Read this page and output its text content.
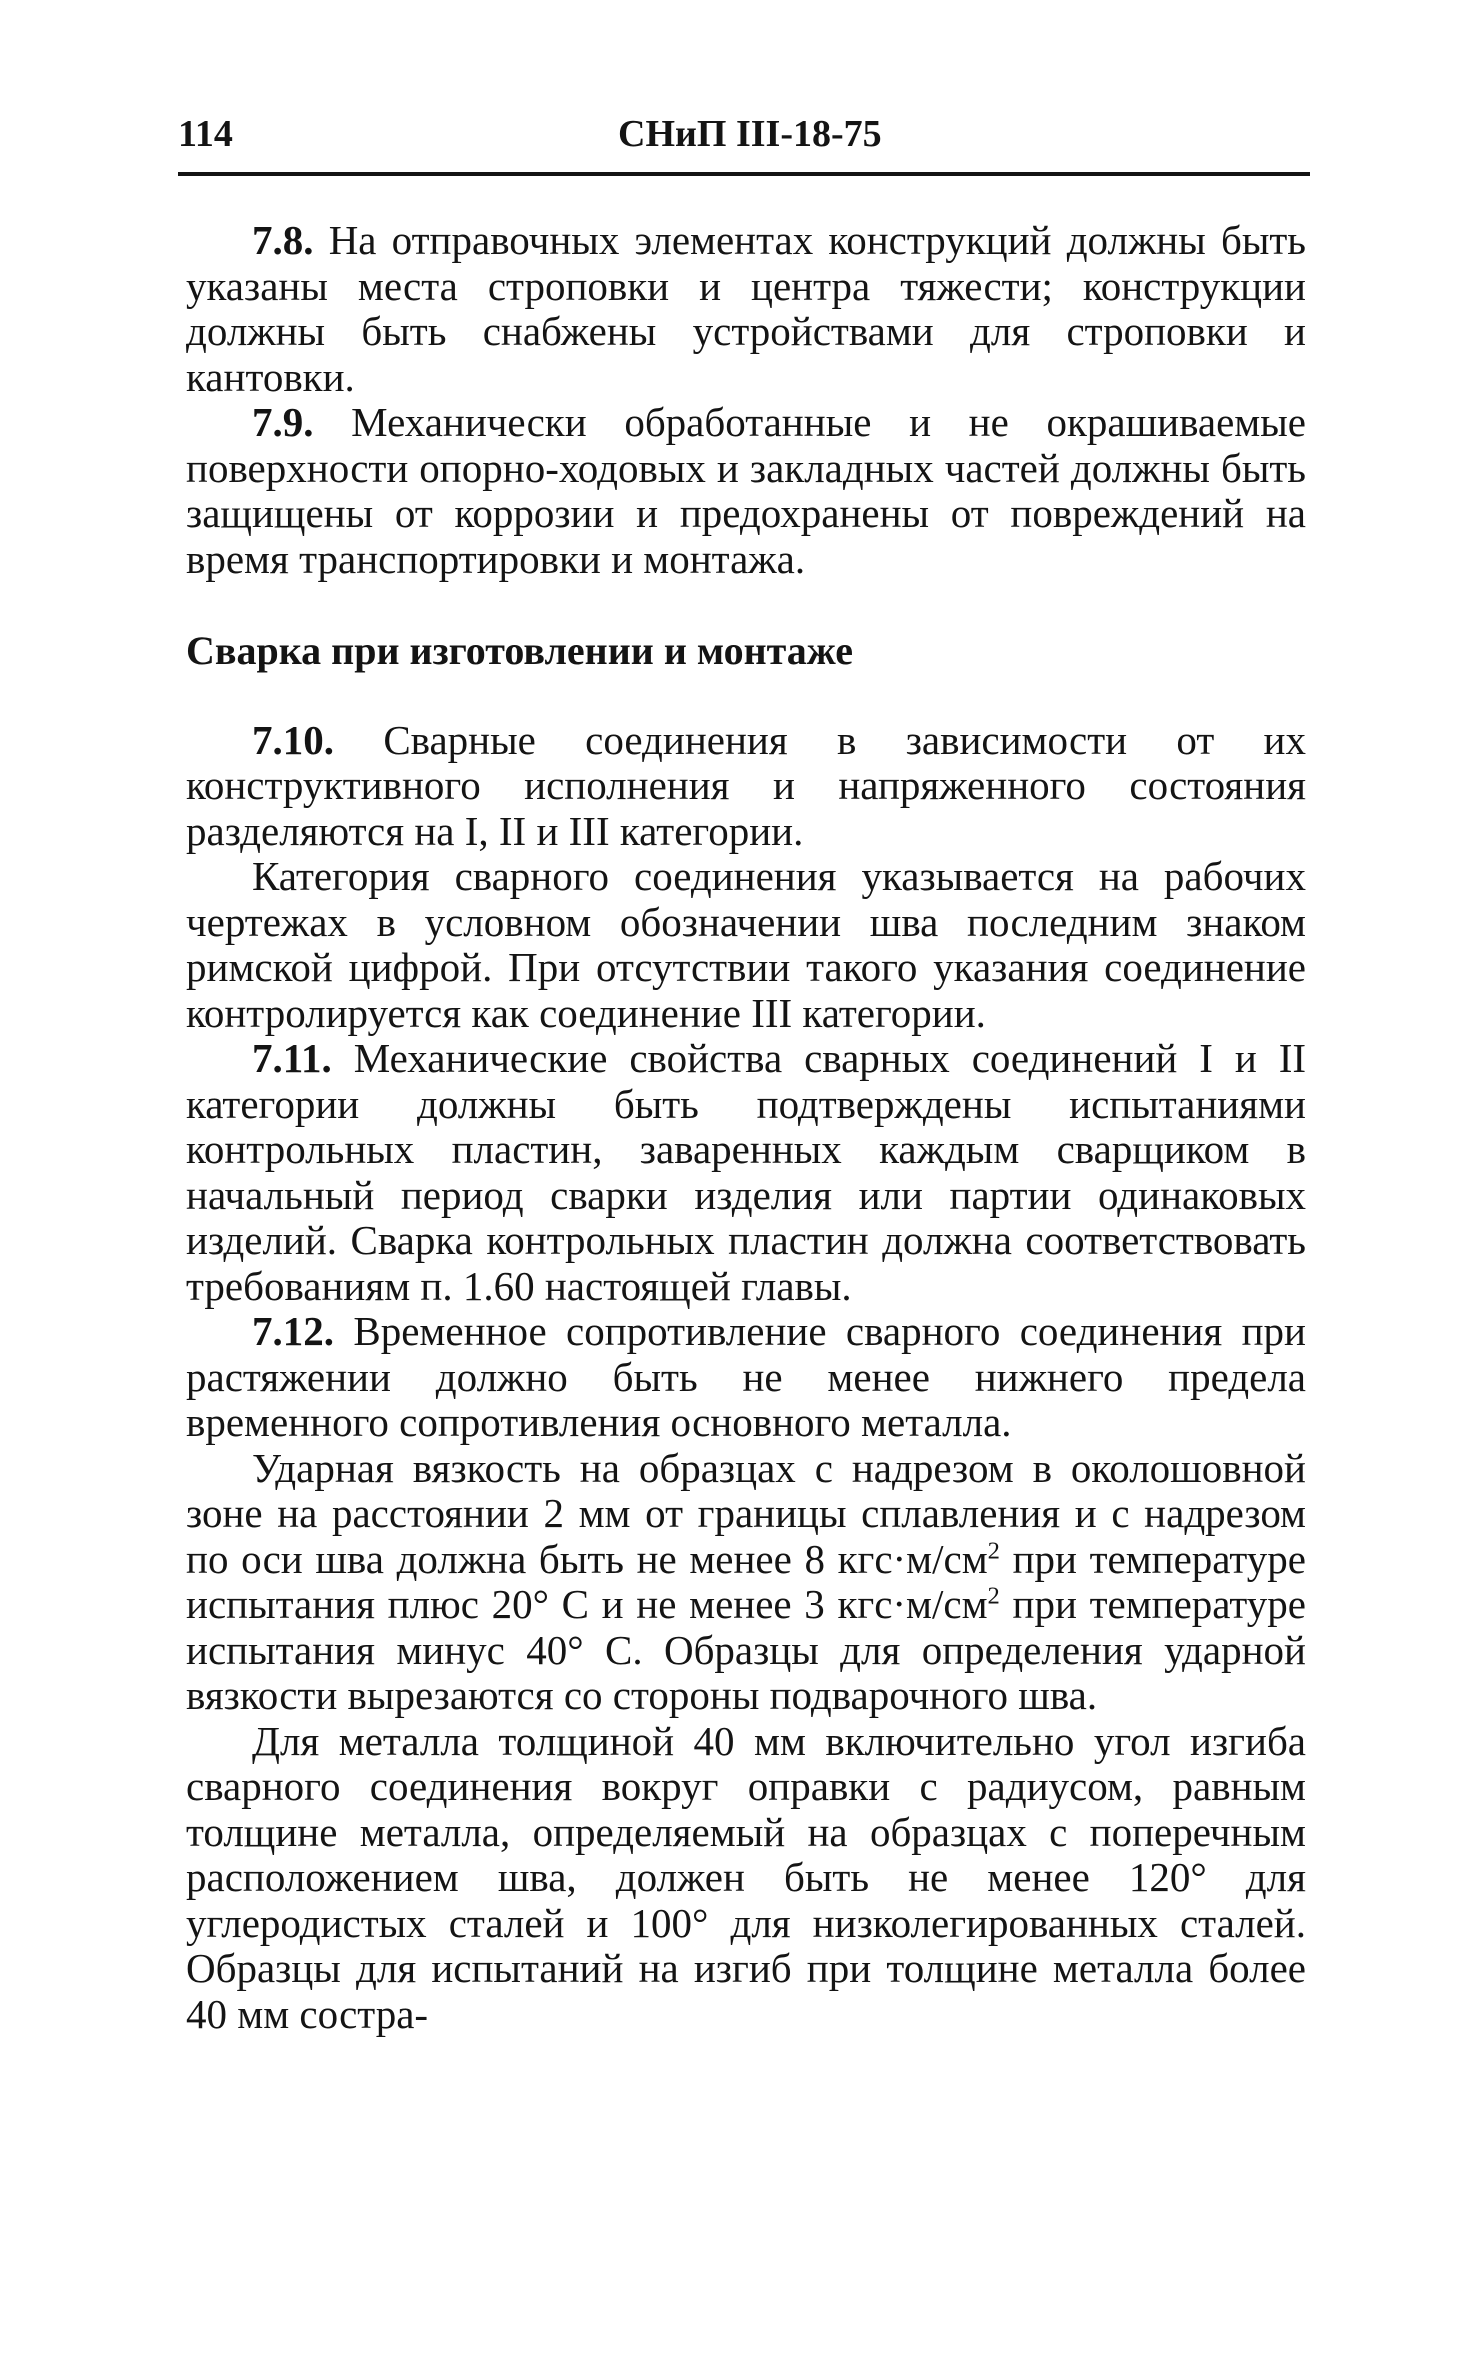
114	СНиП III-18-75

7.8. На отправочных элементах конструкций должны быть указаны места строповки и центра тяжести; конструкции должны быть снабжены устройствами для строповки и кантовки.

7.9. Механически обработанные и не окрашиваемые поверхности опорно-ходовых и закладных частей должны быть защищены от коррозии и предохранены от повреждений на время транспортировки и монтажа.

Сварка при изготовлении и монтаже

7.10. Сварные соединения в зависимости от их конструктивного исполнения и напряженного состояния разделяются на I, II и III категории.

Категория сварного соединения указывается на рабочих чертежах в условном обозначении шва последним знаком римской цифрой. При отсутствии такого указания соединение контролируется как соединение III категории.

7.11. Механические свойства сварных соединений I и II категории должны быть подтверждены испытаниями контрольных пластин, заваренных каждым сварщиком в начальный период сварки изделия или партии одинаковых изделий. Сварка контрольных пластин должна соответствовать требованиям п. 1.60 настоящей главы.

7.12. Временное сопротивление сварного соединения при растяжении должно быть не менее нижнего предела временного сопротивления основного металла.

Ударная вязкость на образцах с надрезом в околошовной зоне на расстоянии 2 мм от границы сплавления и с надрезом по оси шва должна быть не менее 8 $кгс\cdot м/см^2$ при температуре испытания плюс 20° С и не менее 3 $кгс\cdot м/см^2$ при температуре испытания минус 40° С. Образцы для определения ударной вязкости вырезаются со стороны подварочного шва.

Для металла толщиной 40 мм включительно угол изгиба сварного соединения вокруг оправки с радиусом, равным толщине металла, определяемый на образцах с поперечным расположением шва, должен быть не менее 120° для углеродистых сталей и 100° для низколегированных сталей. Образцы для испытаний на изгиб при толщине металла более 40 мм состра-
